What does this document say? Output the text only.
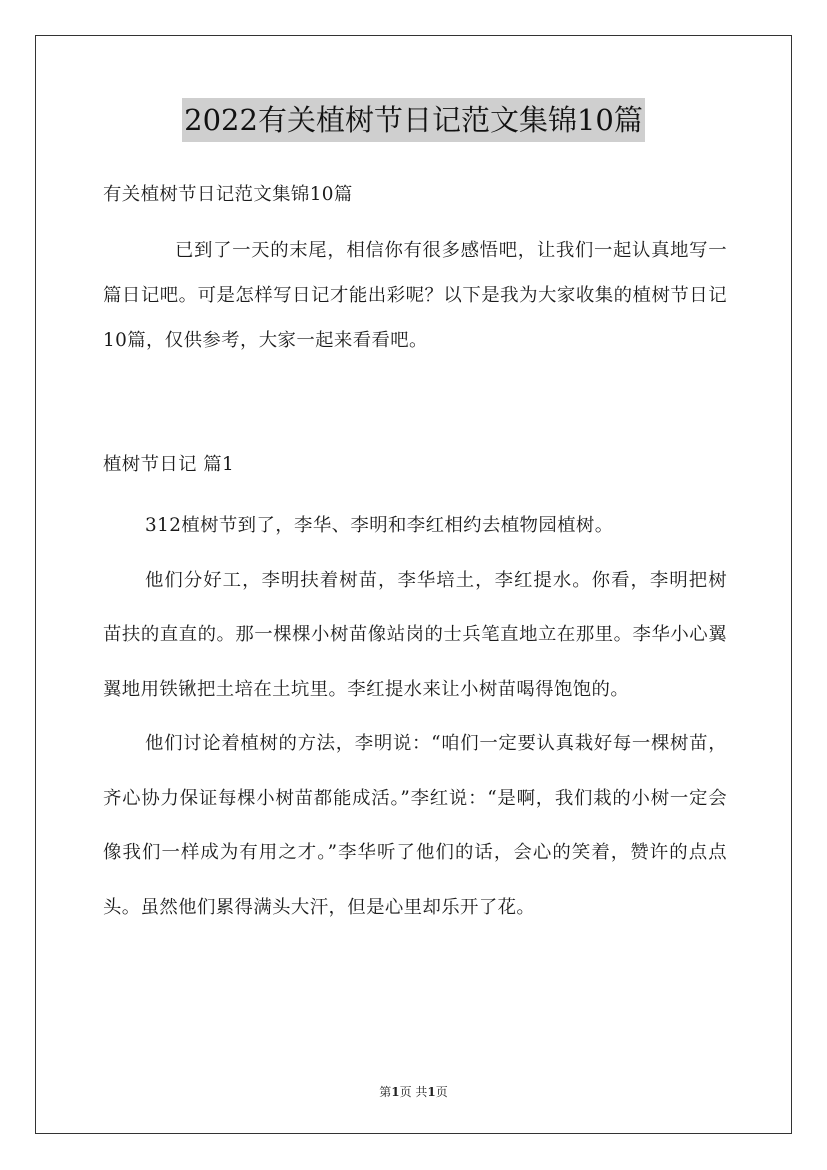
2022有关植树节日记范文集锦10篇
有关植树节日记范文集锦10篇
已到了一天的末尾，相信你有很多感悟吧，让我们一起认真地写一篇日记吧。可是怎样写日记才能出彩呢？以下是我为大家收集的植树节日记10篇，仅供参考，大家一起来看看吧。
植树节日记 篇1

312植树节到了，李华、李明和李红相约去植物园植树。

他们分好工，李明扶着树苗，李华培土，李红提水。你看，李明把树苗扶的直直的。那一棵棵小树苗像站岗的士兵笔直地立在那里。李华小心翼翼地用铁锹把土培在土坑里。李红提水来让小树苗喝得饱饱的。

他们讨论着植树的方法，李明说：“咱们一定要认真栽好每一棵树苗，齐心协力保证每棵小树苗都能成活。”李红说：“是啊，我们栽的小树一定会像我们一样成为有用之才。”李华听了他们的话，会心的笑着，赞许的点点头。虽然他们累得满头大汗，但是心里却乐开了花。

第1页 共1页
